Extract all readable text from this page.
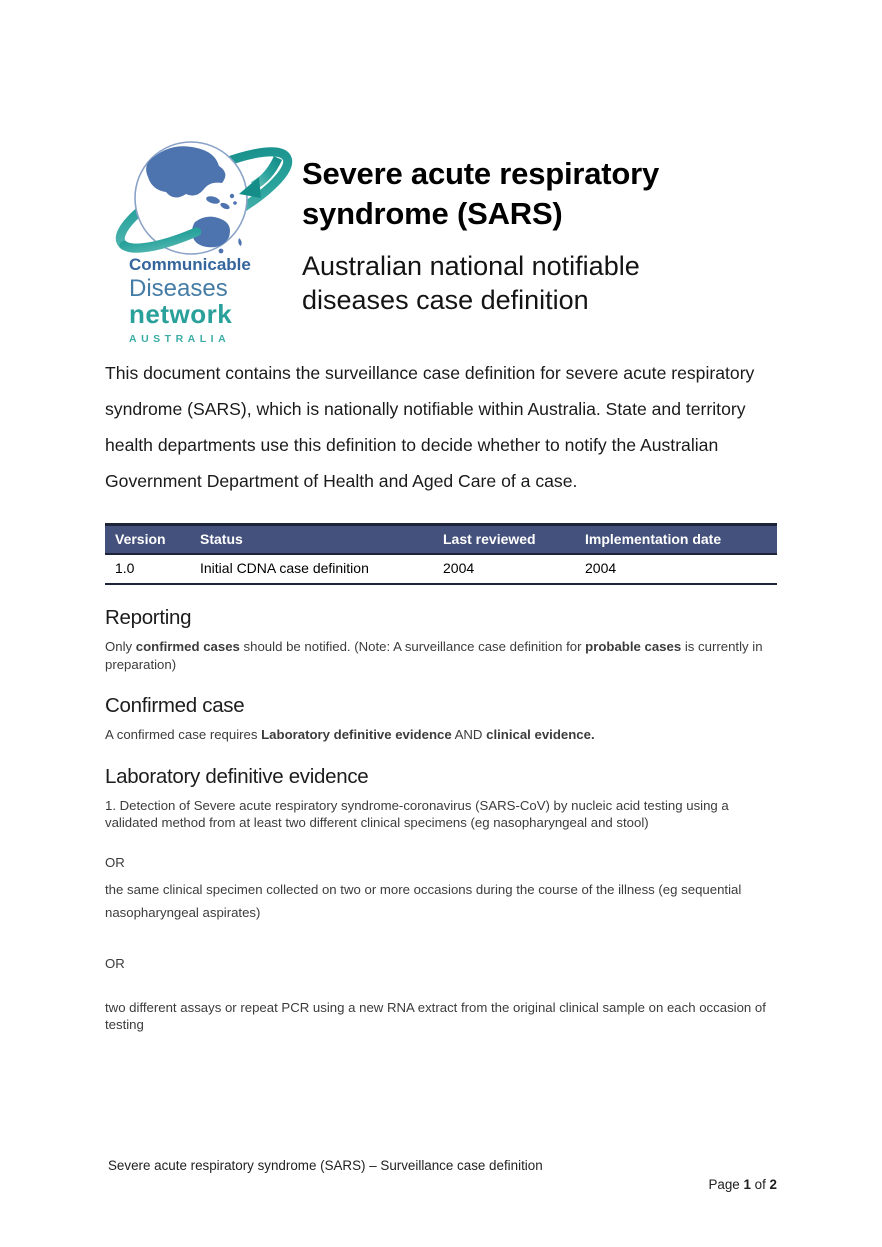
Communicable
Diseases
network
AUSTRALIA
Severe acute respiratory
syndrome (SARS)
Australian national notifiable
diseases case definition

This document contains the surveillance case definition for severe acute respiratory syndrome (SARS), which is nationally notifiable within Australia. State and territory health departments use this definition to decide whether to notify the Australian Government Department of Health and Aged Care of a case.

Version	Status	Last reviewed	Implementation date
1.0	Initial CDNA case definition	2004	2004
Reporting

Only confirmed cases should be notified. (Note: A surveillance case definition for probable cases is currently in preparation)

Confirmed case

A confirmed case requires Laboratory definitive evidence AND clinical evidence.

Laboratory definitive evidence

1. Detection of Severe acute respiratory syndrome-coronavirus (SARS-CoV) by nucleic acid testing using a validated method from at least two different clinical specimens (eg nasopharyngeal and stool)

OR

the same clinical specimen collected on two or more occasions during the course of the illness (eg sequential nasopharyngeal aspirates)

OR

two different assays or repeat PCR using a new RNA extract from the original clinical sample on each occasion of testing

Severe acute respiratory syndrome (SARS) – Surveillance case definition
Page 1 of 2
